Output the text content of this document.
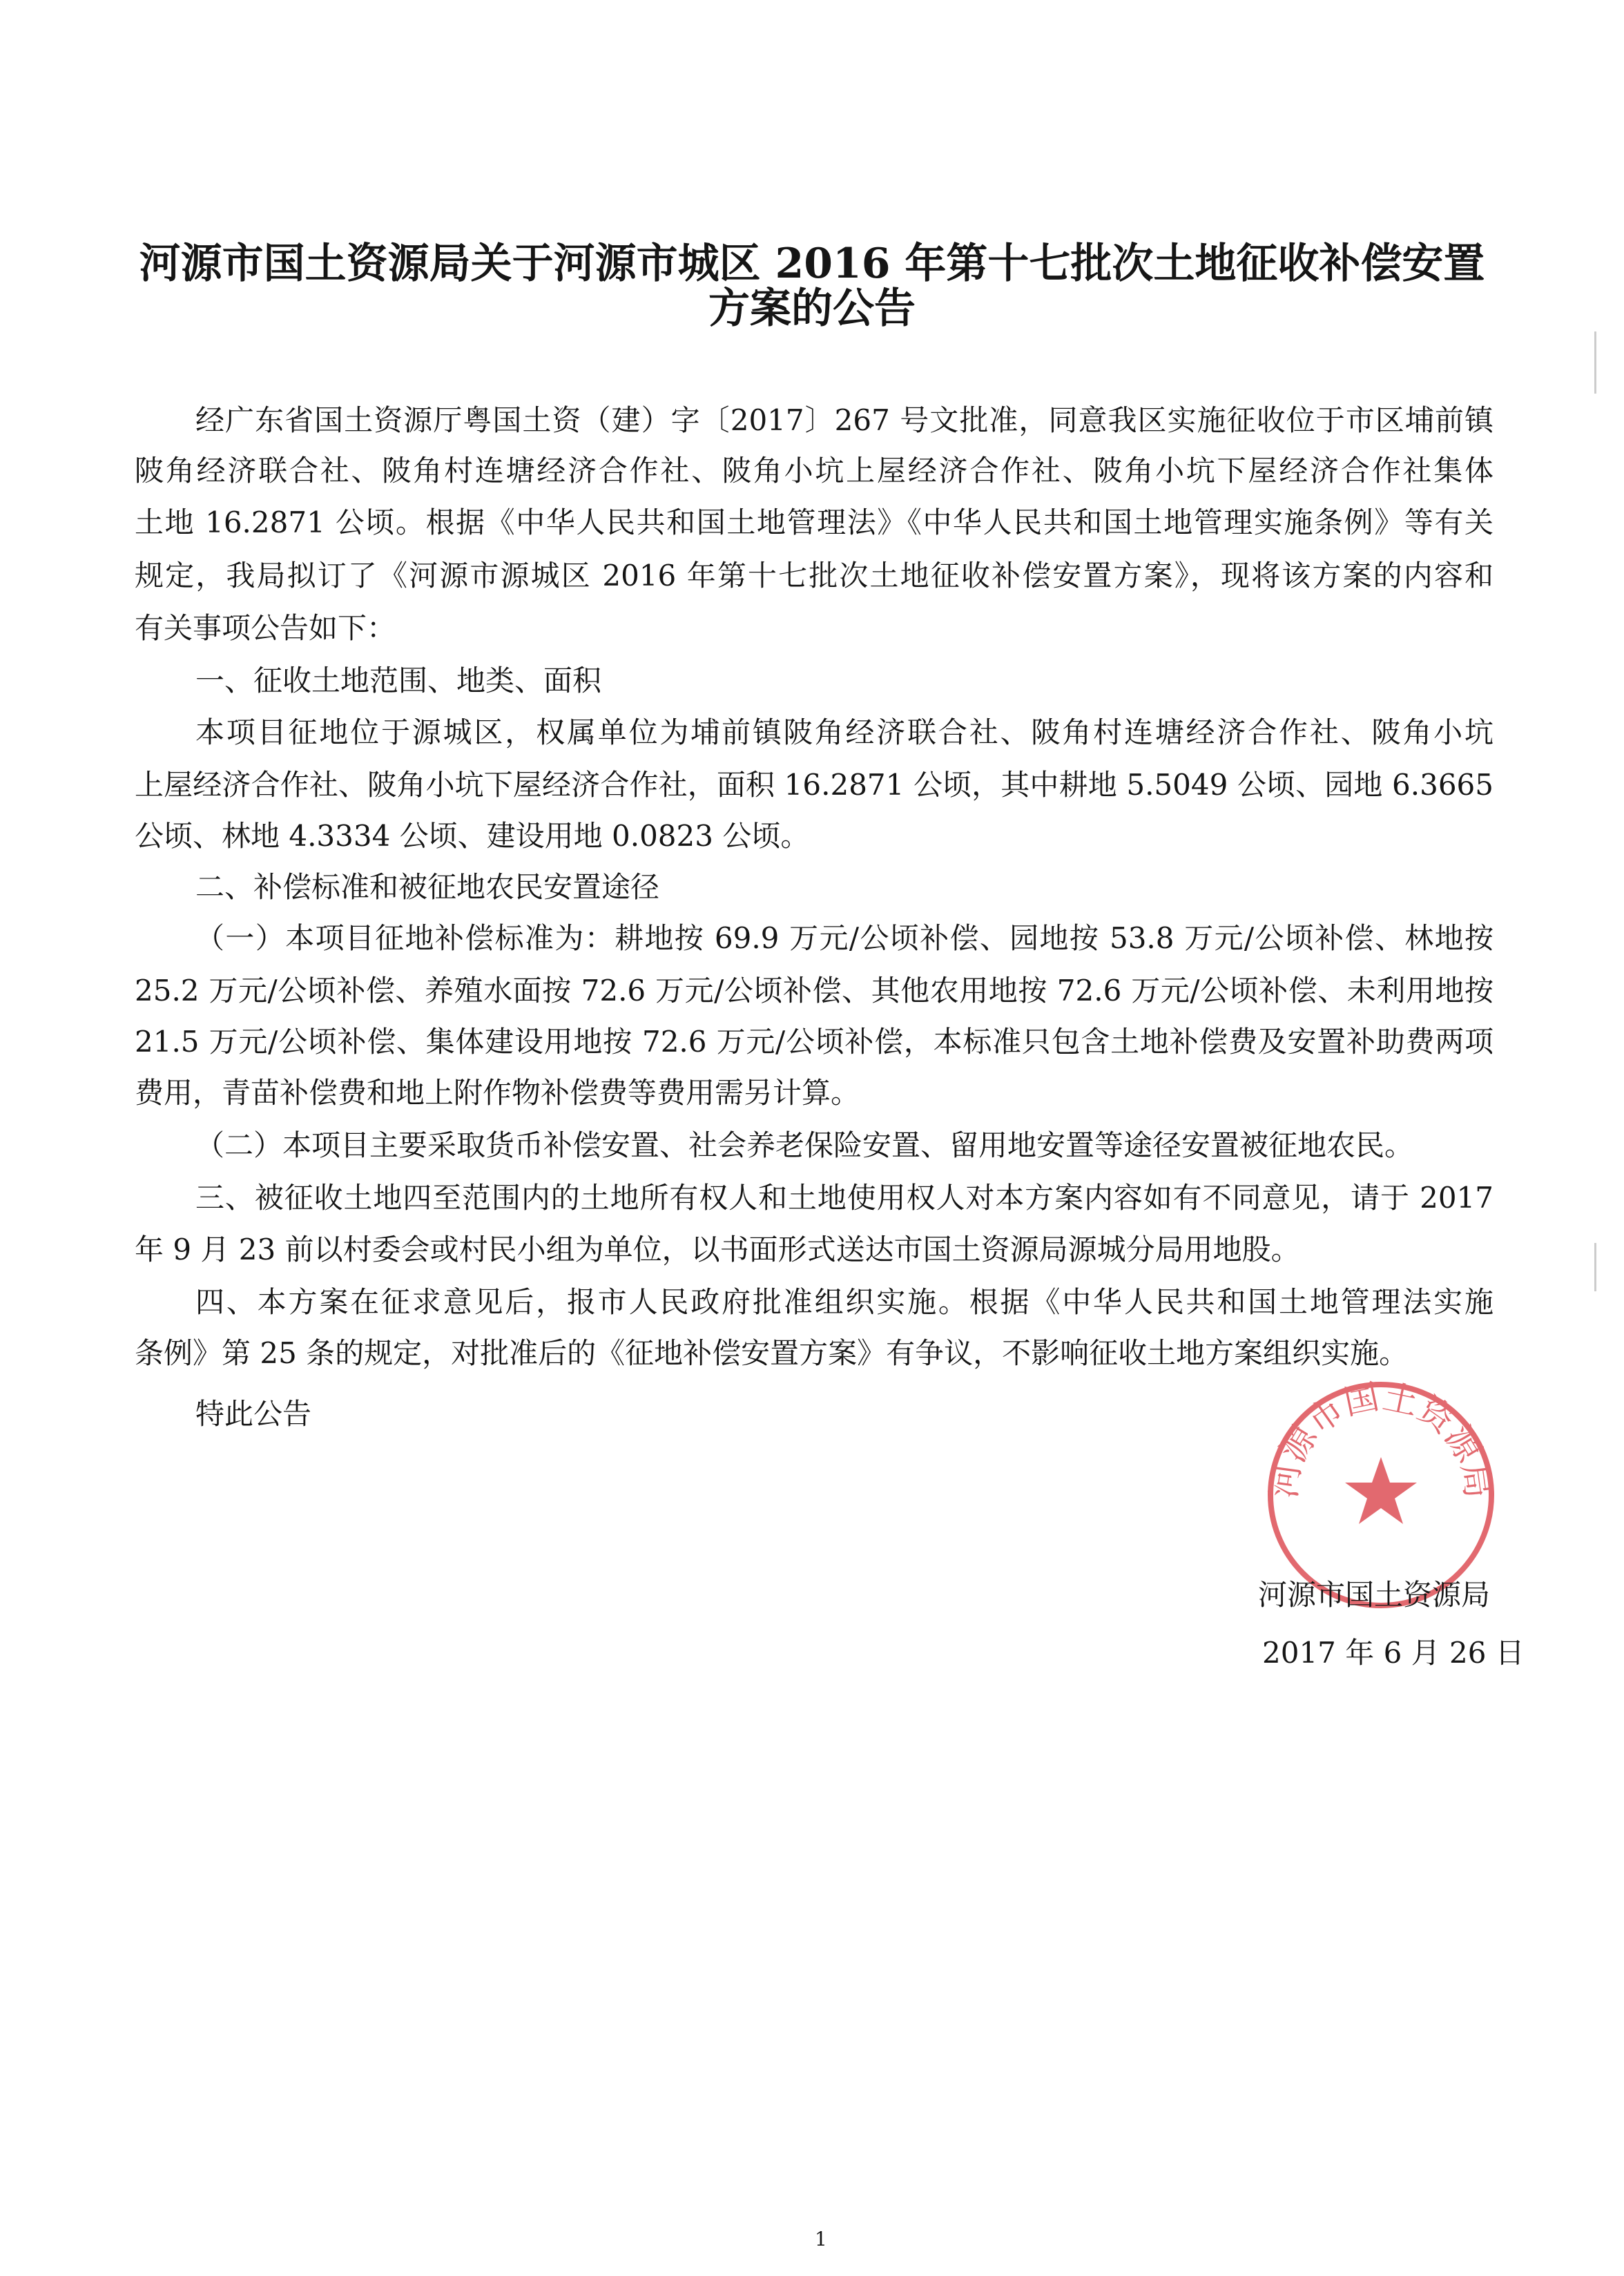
河源市国土资源局关于河源市城区 2016 年第十七批次土地征收补偿安置
方案的公告
经广东省国土资源厅粤国土资（建）字〔2017〕267 号文批准，同意我区实施征收位于市区埔前镇
陂角经济联合社、陂角村连塘经济合作社、陂角小坑上屋经济合作社、陂角小坑下屋经济合作社集体
土地 16.2871 公顷。根据《中华人民共和国土地管理法》《中华人民共和国土地管理实施条例》等有关
规定，我局拟订了《河源市源城区 2016 年第十七批次土地征收补偿安置方案》，现将该方案的内容和
有关事项公告如下：
一、征收土地范围、地类、面积
本项目征地位于源城区，权属单位为埔前镇陂角经济联合社、陂角村连塘经济合作社、陂角小坑
上屋经济合作社、陂角小坑下屋经济合作社，面积 16.2871 公顷，其中耕地 5.5049 公顷、园地 6.3665
公顷、林地 4.3334 公顷、建设用地 0.0823 公顷。
二、补偿标准和被征地农民安置途径
（一）本项目征地补偿标准为：耕地按 69.9 万元/公顷补偿、园地按 53.8 万元/公顷补偿、林地按
25.2 万元/公顷补偿、养殖水面按 72.6 万元/公顷补偿、其他农用地按 72.6 万元/公顷补偿、未利用地按
21.5 万元/公顷补偿、集体建设用地按 72.6 万元/公顷补偿，本标准只包含土地补偿费及安置补助费两项
费用，青苗补偿费和地上附作物补偿费等费用需另计算。
（二）本项目主要采取货币补偿安置、社会养老保险安置、留用地安置等途径安置被征地农民。
三、被征收土地四至范围内的土地所有权人和土地使用权人对本方案内容如有不同意见，请于 2017
年 9 月 23 前以村委会或村民小组为单位，以书面形式送达市国土资源局源城分局用地股。
四、本方案在征求意见后，报市人民政府批准组织实施。根据《中华人民共和国土地管理法实施
条例》第 25 条的规定，对批准后的《征地补偿安置方案》有争议，不影响征收土地方案组织实施。
特此公告
河源市国土资源局
河源市国土资源局
2017 年 6 月 26 日
1
